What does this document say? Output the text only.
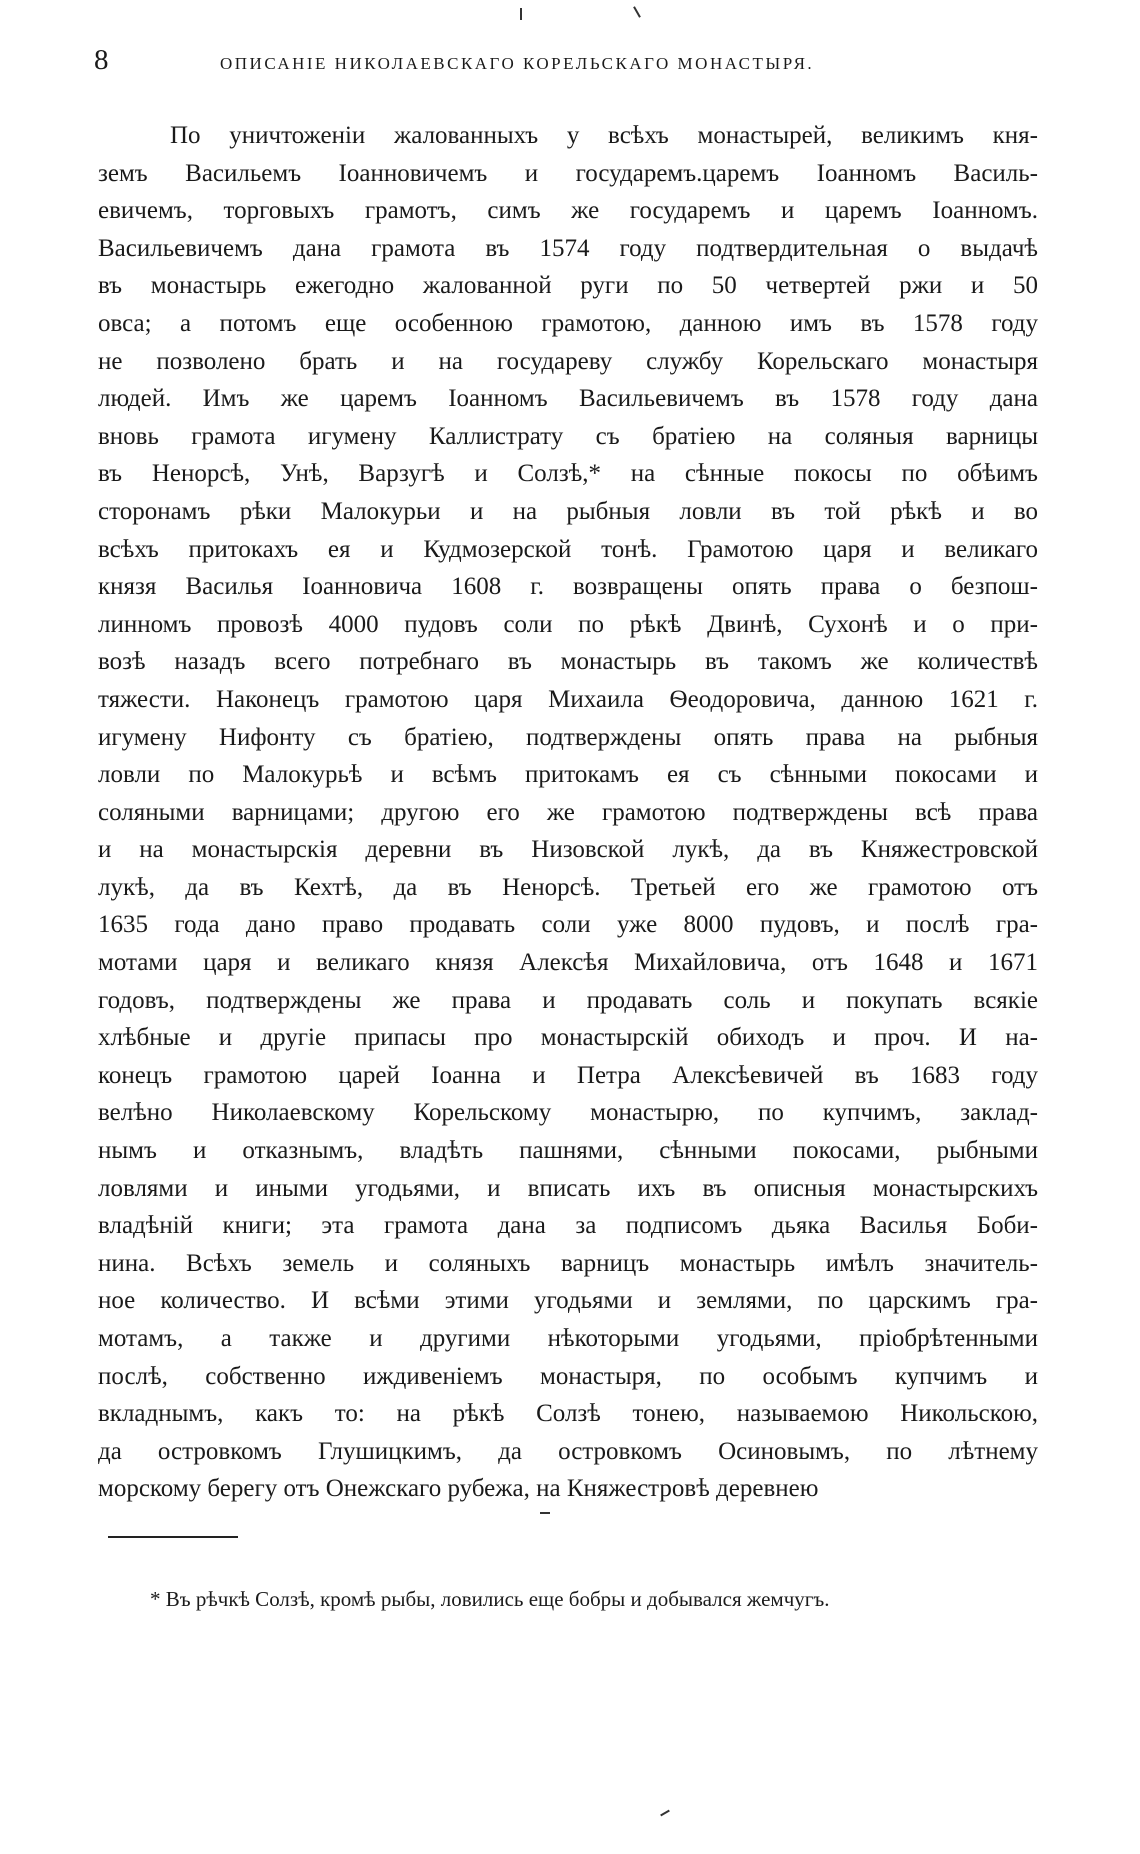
8	ОПИСАНІЕ НИКОЛАЕВСКАГО КОРЕЛЬСКАГО МОНАСТЫРЯ.
По уничтоженіи жалованныхъ у всѣхъ монастырей, великимъ кня-
земъ Васильемъ Іоанновичемъ и государемъ.царемъ Іоанномъ Василь-
евичемъ, торговыхъ грамотъ, симъ же государемъ и царемъ Іоанномъ.
Васильевичемъ дана грамота въ 1574 году подтвердительная о выдачѣ
въ монастырь ежегодно жалованной руги по 50 четвертей ржи и 50
овса; а потомъ еще особенною грамотою, данною имъ въ 1578 году
не позволено брать и на государеву службу Корельскаго монастыря
людей. Имъ же царемъ Іоанномъ Васильевичемъ въ 1578 году дана
вновь грамота игумену Каллистрату съ братіею на соляныя варницы
въ Ненорсѣ, Унѣ, Варзугѣ и Солзѣ,* на сѣнные покосы по обѣимъ
сторонамъ рѣки Малокурьи и на рыбныя ловли въ той рѣкѣ и во
всѣхъ притокахъ ея и Кудмозерской тонѣ. Грамотою царя и великаго
князя Василья Іоанновича 1608 г. возвращены опять права о безпош-
линномъ провозѣ 4000 пудовъ соли по рѣкѣ Двинѣ, Сухонѣ и о при-
возѣ назадъ всего потребнаго въ монастырь въ такомъ же количествѣ
тяжести. Наконецъ грамотою царя Михаила Ѳеодоровича, данною 1621 г.
игумену Нифонту съ братіею, подтверждены опять права на рыбныя
ловли по Малокурьѣ и всѣмъ притокамъ ея съ сѣнными покосами и
соляными варницами; другою его же грамотою подтверждены всѣ права
и на монастырскія деревни въ Низовской лукѣ, да въ Княжестровской
лукѣ, да въ Кехтѣ, да въ Ненорсѣ. Третьей его же грамотою отъ
1635 года дано право продавать соли уже 8000 пудовъ, и послѣ гра-
мотами царя и великаго князя Алексѣя Михайловича, отъ 1648 и 1671
годовъ, подтверждены же права и продавать соль и покупать всякіе
хлѣбные и другіе припасы про монастырскій обиходъ и проч. И на-
конецъ грамотою царей Іоанна и Петра Алексѣевичей въ 1683 году
велѣно Николаевскому Корельскому монастырю, по купчимъ, заклад-
нымъ и отказнымъ, владѣть пашнями, сѣнными покосами, рыбными
ловлями и иными угодьями, и вписать ихъ въ описныя монастырскихъ
владѣній книги; эта грамота дана за подписомъ дьяка Василья Боби-
нина. Всѣхъ земель и соляныхъ варницъ монастырь имѣлъ значитель-
ное количество. И всѣми этими угодьями и землями, по царскимъ гра-
мотамъ, а также и другими нѣкоторыми угодьями, пріобрѣтенными
послѣ, собственно иждивеніемъ монастыря, по особымъ купчимъ и
вкладнымъ, какъ то: на рѣкѣ Солзѣ тонею, называемою Никольскою,
да островкомъ Глушицкимъ, да островкомъ Осиновымъ, по лѣтнему
морскому берегу отъ Онежскаго рубежа, на Княжестровѣ деревнею
* Въ рѣчкѣ Солзѣ, кромѣ рыбы, ловились еще бобры и добывался жемчугъ.
